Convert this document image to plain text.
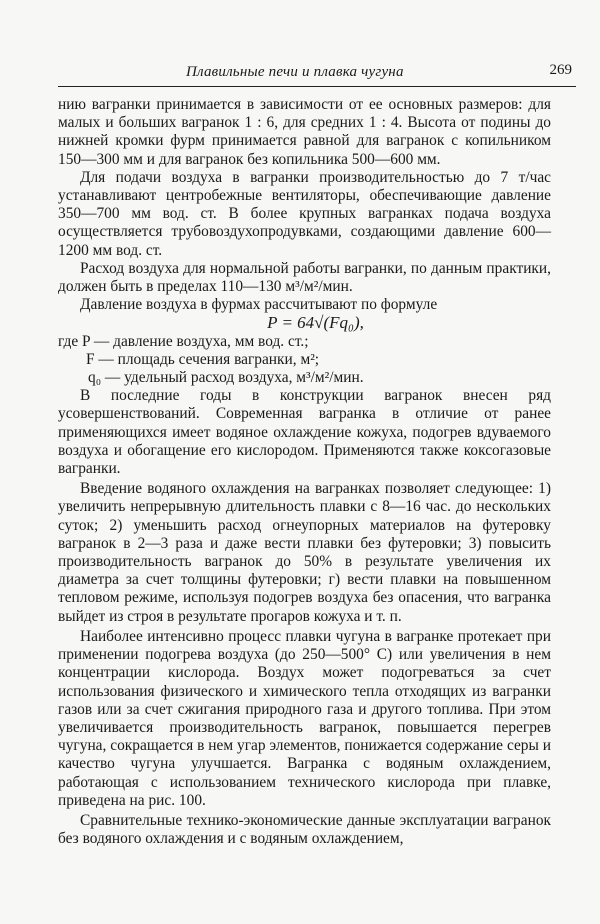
Плавильные печи и плавка чугуна	269

нию вагранки принимается в зависимости от ее основных размеров: для малых и больших вагранок 1 : 6, для средних 1 : 4. Высота от подины до нижней кромки фурм принимается равной для вагранок с копильником 150—300 мм и для вагранок без копильника 500—600 мм.

Для подачи воздуха в вагранки производительностью до 7 т/час устанавливают центробежные вентиляторы, обеспечивающие давление 350—700 мм вод. ст. В более крупных вагранках подача воздуха осуществляется трубовоздухопродувками, создающими давление 600—1200 мм вод. ст.

Расход воздуха для нормальной работы вагранки, по данным практики, должен быть в пределах 110—130 м³/м²/мин.

Давление воздуха в фурмах рассчитывают по формуле

P = 64√(Fq₀),

где P — давление воздуха, мм вод. ст.;

F — площадь сечения вагранки, м²;

q₀ — удельный расход воздуха, м³/м²/мин.

В последние годы в конструкции вагранок внесен ряд усовершенствований. Современная вагранка в отличие от ранее применяющихся имеет водяное охлаждение кожуха, подогрев вдуваемого воздуха и обогащение его кислородом. Применяются также коксогазовые вагранки.

Введение водяного охлаждения на вагранках позволяет следующее: 1) увеличить непрерывную длительность плавки с 8—16 час. до нескольких суток; 2) уменьшить расход огнеупорных материалов на футеровку вагранок в 2—3 раза и даже вести плавки без футеровки; 3) повысить производительность вагранок до 50% в результате увеличения их диаметра за счет толщины футеровки; г) вести плавки на повышенном тепловом режиме, используя подогрев воздуха без опасения, что вагранка выйдет из строя в результате прогаров кожуха и т. п.

Наиболее интенсивно процесс плавки чугуна в вагранке протекает при применении подогрева воздуха (до 250—500° C) или увеличения в нем концентрации кислорода. Воздух может подогреваться за счет использования физического и химического тепла отходящих из вагранки газов или за счет сжигания природного газа и другого топлива. При этом увеличивается производительность вагранок, повышается перегрев чугуна, сокращается в нем угар элементов, понижается содержание серы и качество чугуна улучшается. Вагранка с водяным охлаждением, работающая с использованием технического кислорода при плавке, приведена на рис. 100.

Сравнительные технико-экономические данные эксплуатации вагранок без водяного охлаждения и с водяным охлаждением,
